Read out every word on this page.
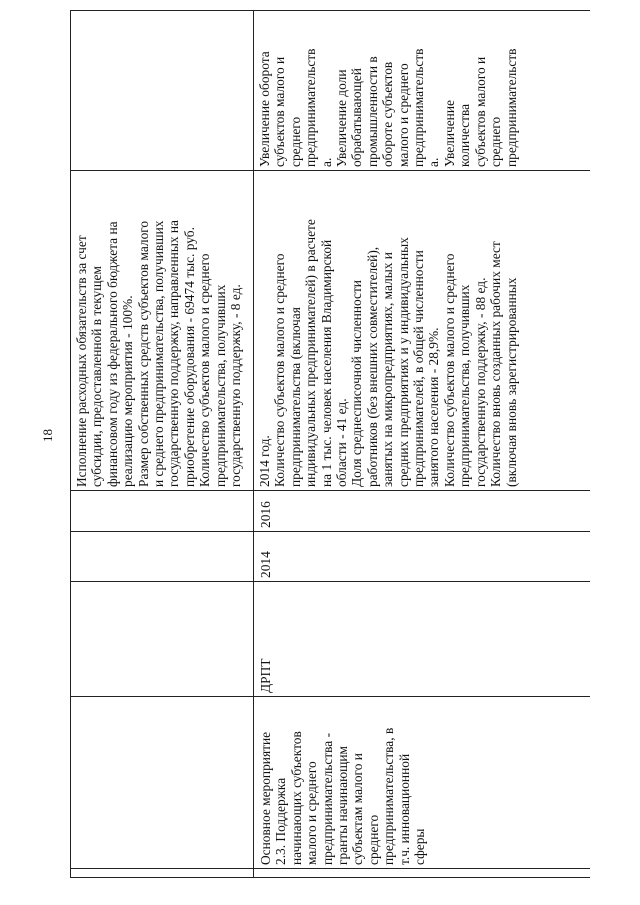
18 Исполнение расходных обязательств за счет
субсидии, предоставленной в текущем
финансовом году из федерального бюджета на
реализацию мероприятия - 100%.
Размер собственных средств субъектов малого
и среднего предпринимательства, получивших
государственную поддержку, направленных на
приобретение оборудования - 69474 тыс. руб.
Количество субъектов малого и среднего
предпринимательства, получивших
государственную поддержку, - 8 ед.
Основное мероприятие
2.3. Поддержка
начинающих субъектов
малого и среднего
предпринимательства -
гранты начинающим
субъектам малого и
среднего
предпринимательства, в
т.ч. инновационной
сферы
ДРПТ
2014
2016
2014 год.
Количество субъектов малого и среднего
предпринимательства (включая
индивидуальных предпринимателей) в расчете
на 1 тыс. человек населения Владимирской
области - 41 ед.
Доля среднесписочной численности
работников (без внешних совместителей),
занятых на микропредприятиях, малых и
средних предприятиях и у индивидуальных
предпринимателей, в общей численности
занятого населения - 28,9%.
Количество субъектов малого и среднего
предпринимательства, получивших
государственную поддержку, - 88 ед.
Количество вновь созданных рабочих мест
(включая вновь зарегистрированных
Увеличение оборота
субъектов малого и
среднего
предпринимательств
а.
Увеличение доли
обрабатывающей
промышленности в
обороте субъектов
малого и среднего
предпринимательств
а.
Увеличение
количества
субъектов малого и
среднего
предпринимательств
